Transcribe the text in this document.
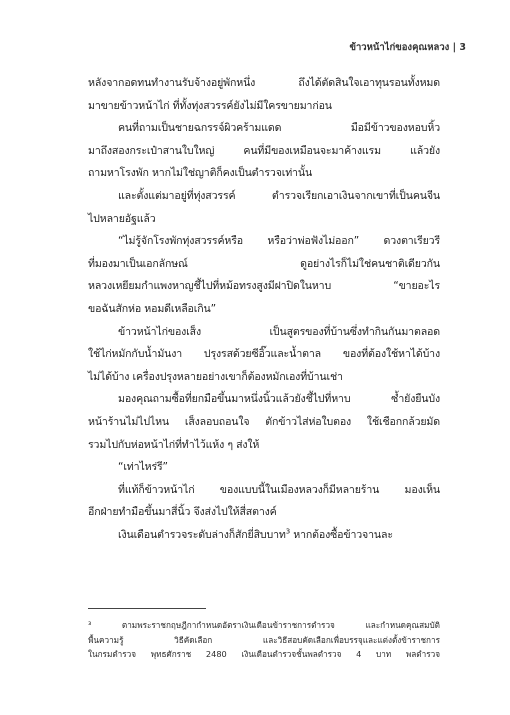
ข้าวหน้าไก่ของคุณหลวง | 3

หลังจากอดทนทำงานรับจ้างอยู่พักหนึ่ง ถึงได้ตัดสินใจเอาทุนรอนทั้งหมด
มาขายข้าวหน้าไก่ ที่ทั้งทุ่งสวรรค์ยังไม่มีใครขายมาก่อน

คนที่ถามเป็นชายฉกรรจ์ผิวคร้ามแดด มือมีข้าวของหอบหิ้ว
มาถึงสองกระเป๋าสานใบใหญ่ คนที่มีของเหมือนจะมาค้างแรม แล้วยัง
ถามหาโรงพัก หากไม่ใช่ญาติก็คงเป็นตำรวจเท่านั้น

และตั้งแต่มาอยู่ที่ทุ่งสวรรค์ ตำรวจเรียกเอาเงินจากเขาที่เป็นคนจีน
ไปหลายอัฐแล้ว

“ไม่รู้จักโรงพักทุ่งสวรรค์หรือ หรือว่าพ่อฟังไม่ออก” ดวงตาเรียวรี
ที่มองมาเป็นเอกลักษณ์ ดูอย่างไรก็ไม่ใช่คนชาติเดียวกัน
หลวงเหยียมกำแพงหาญชี้ไปที่หม้อทรงสูงมีฝาปิดในหาบ “ขายอะไร
ขอฉันสักห่อ หอมดีเหลือเกิน”

ข้าวหน้าไก่ของเส็ง เป็นสูตรของที่บ้านซึ่งทำกินกันมาตลอด
ใช้ไก่หมักกับน้ำมันงา ปรุงรสด้วยซีอิ๊วและน้ำตาล ของที่ต้องใช้หาได้บ้าง
ไม่ได้บ้าง เครื่องปรุงหลายอย่างเขาก็ต้องหมักเองที่บ้านเช่า

มองคุณถามซื้อที่ยกมือขึ้นมาหนึ่งนิ้วแล้วยังชี้ไปที่หาบ ซ้ำยังยืนบัง
หน้าร้านไม่ไปไหน เส็งลอบถอนใจ ตักข้าวไส่ห่อใบตอง ใช้เชือกกล้วยมัด
รวมไปกับห่อหน้าไก่ที่ทำไว้แห้ง ๆ ส่งให้

“เท่าไหร่รี”

ที่แท้ก็ข้าวหน้าไก่ ของแบบนี้ในเมืองหลวงก็มีหลายร้าน มองเห็น
อีกฝ่ายทำมือขึ้นมาสี่นิ้ว จึงส่งไปให้สี่สตางค์

เงินเดือนตำรวจระดับล่างก็สักยี่สิบบาท$^3$ หากต้องซื้อข้าวจานละ

³ ตามพระราชกฤษฎีกากำหนดอัตราเงินเดือนข้าราชการตำรวจ และกำหนดคุณสมบัติ
พื้นความรู้ วิธีคัดเลือก และวิธีสอบคัดเลือกเพื่อบรรจุและแต่งตั้งข้าราชการ
ในกรมตำรวจ พุทธศักราช 2480 เงินเดือนตำรวจชั้นพลตำรวจ 4 บาท พลตำรวจ
